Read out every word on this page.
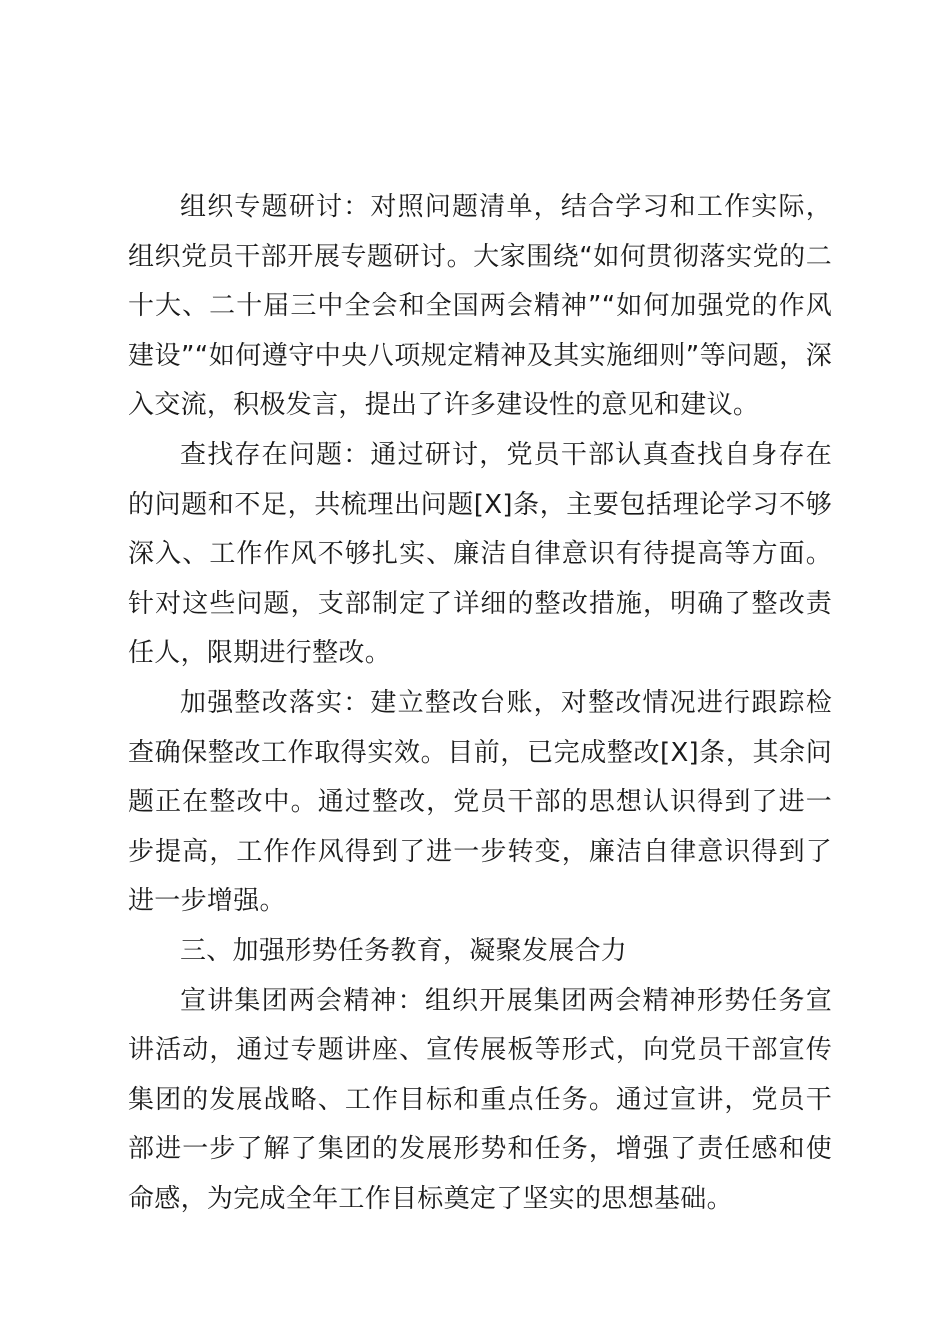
组织专题研讨：对照问题清单，结合学习和工作实际，组织党员干部开展专题研讨。大家围绕“如何贯彻落实党的二十大、二十届三中全会和全国两会精神”“如何加强党的作风建设”“如何遵守中央八项规定精神及其实施细则”等问题，深入交流，积极发言，提出了许多建设性的意见和建议。

查找存在问题：通过研讨，党员干部认真查找自身存在的问题和不足，共梳理出问题[X]条，主要包括理论学习不够深入、工作作风不够扎实、廉洁自律意识有待提高等方面。针对这些问题，支部制定了详细的整改措施，明确了整改责任人，限期进行整改。

加强整改落实：建立整改台账，对整改情况进行跟踪检查确保整改工作取得实效。目前，已完成整改[X]条，其余问题正在整改中。通过整改，党员干部的思想认识得到了进一步提高，工作作风得到了进一步转变，廉洁自律意识得到了进一步增强。

三、加强形势任务教育，凝聚发展合力

宣讲集团两会精神：组织开展集团两会精神形势任务宣讲活动，通过专题讲座、宣传展板等形式，向党员干部宣传集团的发展战略、工作目标和重点任务。通过宣讲，党员干部进一步了解了集团的发展形势和任务，增强了责任感和使命感，为完成全年工作目标奠定了坚实的思想基础。
